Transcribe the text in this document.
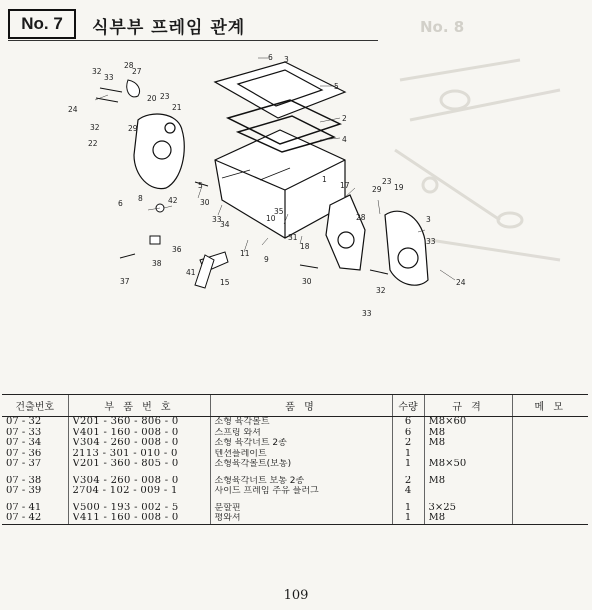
No. 7	식부부 프레임 관계	No. 8
32
33
24
28
27
23
20
21
6 3
5
32	29
22
2
4
1
17	29
23
19
5
6
8	42	30
33
34
10
35
31
11
9
36
38
37
41
15
18
28	3
33
24
30
32
33
건출번호	부 품 번 호	품 명	수량	규 격	메 모
07 - 32	V201 - 360 - 806 - 0	소형 육각볼트	6	M8×60	
07 - 33	V401 - 160 - 008 - 0	스프링 와셔	6	M8	
07 - 34	V304 - 260 - 008 - 0	소형 육각너트 2종	2	M8	
07 - 36	2113 - 301 - 010 - 0	텐션플레이트	1		
07 - 37	V201 - 360 - 805 - 0	소형육각볼트(보통)	1	M8×50	

07 - 38	V304 - 260 - 008 - 0	소형육각너트 보통 2종	2	M8	
07 - 39	2704 - 102 - 009 - 1	사이드 프레임 주유 플러그	4		

07 - 41	V500 - 193 - 002 - 5	분할핀	1	3×25	
07 - 42	V411 - 160 - 008 - 0	평와셔	1	M8	
109
